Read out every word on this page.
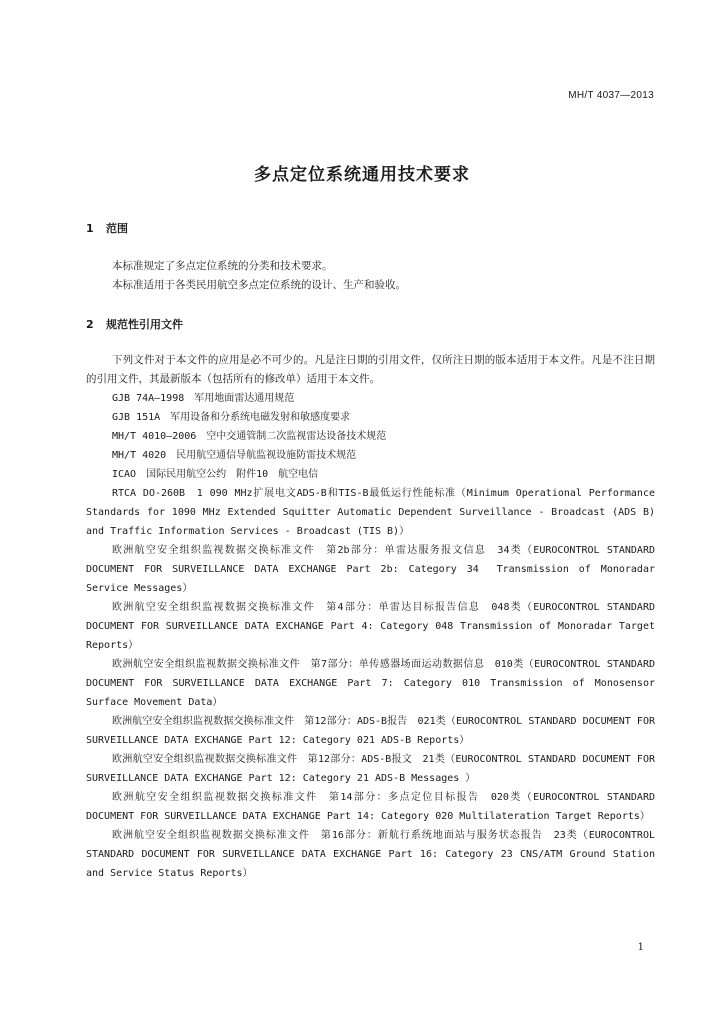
MH/T 4037—2013
多点定位系统通用技术要求
1 范围

本标准规定了多点定位系统的分类和技术要求。

本标准适用于各类民用航空多点定位系统的设计、生产和验收。

2 规范性引用文件

下列文件对于本文件的应用是必不可少的。凡是注日期的引用文件，仅所注日期的版本适用于本文件。凡是不注日期的引用文件，其最新版本（包括所有的修改单）适用于本文件。

GJB 74A—1998　军用地面雷达通用规范

GJB 151A　军用设备和分系统电磁发射和敏感度要求

MH/T 4010—2006　空中交通管制二次监视雷达设备技术规范

MH/T 4020　民用航空通信导航监视设施防雷技术规范

ICAO　国际民用航空公约　附件10　航空电信

RTCA DO-260B　1 090 MHz扩展电文ADS-B和TIS-B最低运行性能标准（Minimum Operational Performance Standards for 1090 MHz Extended Squitter Automatic Dependent Surveillance - Broadcast (ADS B) and Traffic Information Services - Broadcast (TIS B)）

欧洲航空安全组织监视数据交换标准文件　第2b部分：单雷达服务报文信息　34类（EUROCONTROL STANDARD DOCUMENT FOR SURVEILLANCE DATA EXCHANGE Part 2b: Category 34　Transmission of Monoradar Service Messages）

欧洲航空安全组织监视数据交换标准文件　第4部分：单雷达目标报告信息　048类（EUROCONTROL STANDARD DOCUMENT FOR SURVEILLANCE DATA EXCHANGE Part 4: Category 048 Transmission of Monoradar Target Reports）

欧洲航空安全组织监视数据交换标准文件　第7部分：单传感器场面运动数据信息　010类（EUROCONTROL STANDARD DOCUMENT FOR SURVEILLANCE DATA EXCHANGE Part 7: Category 010 Transmission of Monosensor Surface Movement Data）

欧洲航空安全组织监视数据交换标准文件　第12部分：ADS-B报告　021类（EUROCONTROL STANDARD DOCUMENT FOR SURVEILLANCE DATA EXCHANGE Part 12: Category 021 ADS-B Reports）

欧洲航空安全组织监视数据交换标准文件　第12部分：ADS-B报文　21类（EUROCONTROL STANDARD DOCUMENT FOR SURVEILLANCE DATA EXCHANGE Part 12: Category 21 ADS-B Messages ）

欧洲航空安全组织监视数据交换标准文件　第14部分：多点定位目标报告　020类（EUROCONTROL STANDARD DOCUMENT FOR SURVEILLANCE DATA EXCHANGE Part 14: Category 020 Multilateration Target Reports）

欧洲航空安全组织监视数据交换标准文件　第16部分：新航行系统地面站与服务状态报告　23类（EUROCONTROL STANDARD DOCUMENT FOR SURVEILLANCE DATA EXCHANGE Part 16: Category 23 CNS/ATM Ground Station and Service Status Reports）

1
